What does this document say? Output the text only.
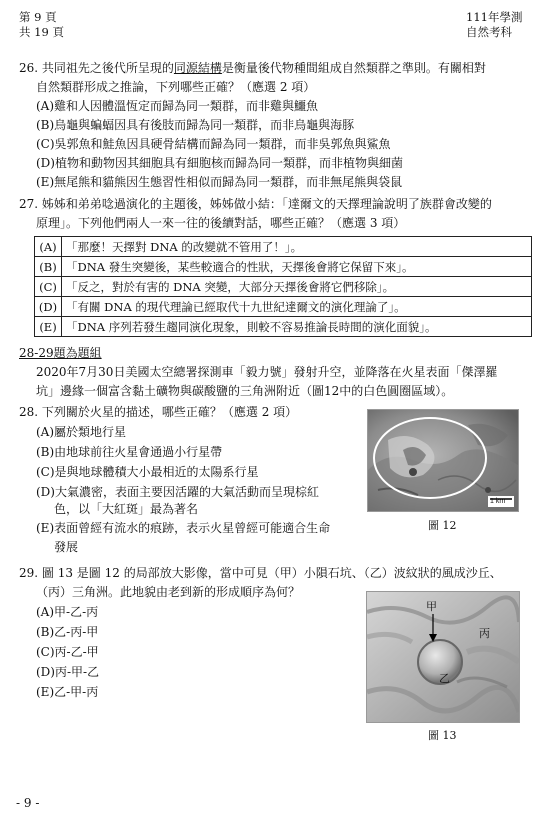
第 9 頁
共 19 頁
111年學測
自然考科
26. 共同祖先之後代所呈現的同源結構是衡量後代物種間組成自然類群之準則。有關相對
自然類群形成之推論，下列哪些正確？（應選 2 項）
(A)雞和人因體溫恆定而歸為同一類群，而非雞與鱷魚
(B)烏龜與蝙蝠因具有後肢而歸為同一類群，而非烏龜與海豚
(C)吳郭魚和鮭魚因具硬骨結構而歸為同一類群，而非吳郭魚與鯊魚
(D)植物和動物因其細胞具有細胞核而歸為同一類群，而非植物與細菌
(E)無尾熊和貓熊因生態習性相似而歸為同一類群，而非無尾熊與袋鼠
27. 姊姊和弟弟唸過演化的主題後，姊姊做小結：「達爾文的天擇理論說明了族群會改變的
原理」。下列他們兩人一來一往的後續對話，哪些正確？（應選 3 項）
(A)	「那麼！天擇對 DNA 的改變就不管用了！」。
(B)	「DNA 發生突變後，某些較適合的性狀，天擇後會將它保留下來」。
(C)	「反之，對於有害的 DNA 突變，大部分天擇後會將它們移除」。
(D)	「有關 DNA 的現代理論已經取代十九世紀達爾文的演化理論了」。
(E)	「DNA 序列若發生趨同演化現象，則較不容易推論長時間的演化面貌」。
28-29題為題組
2020年7月30日美國太空總署探測車「毅力號」發射升空，並降落在火星表面「傑澤羅
坑」邊緣一個富含黏土礦物與碳酸鹽的三角洲附近（圖12中的白色圓圈區域）。
28. 下列關於火星的描述，哪些正確？（應選 2 項）
(A)屬於類地行星
(B)由地球前往火星會通過小行星帶
(C)是與地球體積大小最相近的太陽系行星
(D)大氣濃密，表面主要因活躍的大氣活動而呈現棕紅
色，以「大紅斑」最為著名
(E)表面曾經有流水的痕跡，表示火星曾經可能適合生命
發展
1 km
圖 12
29. 圖 13 是圖 12 的局部放大影像，當中可見（甲）小隕石坑、（乙）波紋狀的風成沙丘、
（丙）三角洲。此地貌由老到新的形成順序為何？
(A)甲-乙-丙
(B)乙-丙-甲
(C)丙-乙-甲
(D)丙-甲-乙
(E)乙-甲-丙
甲
乙
丙
圖 13
- 9 -
